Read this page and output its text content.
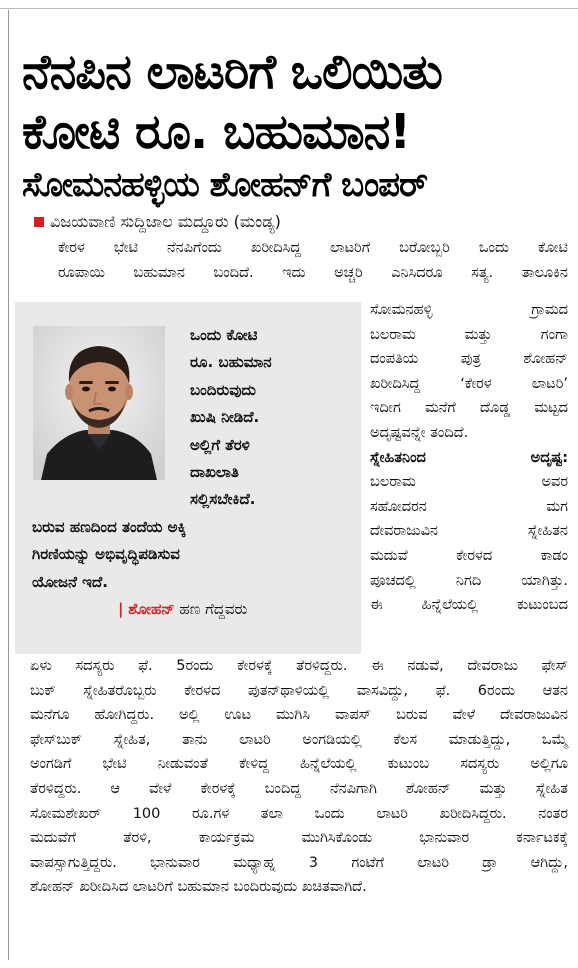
ನೆನಪಿನ ಲಾಟರಿಗೆ ಒಲಿಯಿತು
ಕೋಟಿ ರೂ. ಬಹುಮಾನ!
ಸೋಮನಹಳ್ಳಿಯ ಶೋಹನ್‌ಗೆ ಬಂಪರ್
ವಿಜಯವಾಣಿ ಸುದ್ದಿಜಾಲ ಮದ್ದೂರು (ಮಂಡ್ಯ)
ಕೇರಳ ಭೇಟಿ ನೆನಪಿಗೆಂದು ಖರೀದಿಸಿದ್ದ ಲಾಟರಿಗೆ ಬರೋಬ್ಬರಿ ಒಂದು ಕೋಟಿ
ರೂಪಾಯಿ ಬಹುಮಾನ ಬಂದಿದೆ. ಇದು ಅಚ್ಚರಿ ಎನಿಸಿದರೂ ಸತ್ಯ. ತಾಲೂಕಿನ
ಒಂದು ಕೋಟಿ
ರೂ. ಬಹುಮಾನ
ಬಂದಿರುವುದು
ಖುಷಿ ನೀಡಿದೆ.
ಅಲ್ಲಿಗೆ ತೆರಳಿ
ದಾಖಲಾತಿ
ಸಲ್ಲಿಸಬೇಕಿದೆ.
ಬರುವ ಹಣದಿಂದ ತಂದೆಯ ಅಕ್ಕಿ
ಗಿರಣಿಯನ್ನು ಅಭಿವೃದ್ಧಿಪಡಿಸುವ
ಯೋಜನೆ ಇದೆ.
| ಶೋಹನ್ ಹಣ ಗೆದ್ದವರು
ಸೋಮನಹಳ್ಳಿ ಗ್ರಾಮದ
ಬಲರಾಮ ಮತ್ತು ಗಂಗಾ
ದಂಪತಿಯ ಪುತ್ರ ಶೋಹನ್
ಖರೀದಿಸಿದ್ದ ‘ಕೇರಳ ಲಾಟರಿ’
ಇದೀಗ ಮನೆಗೆ ದೊಡ್ಡ ಮಟ್ಟದ
ಅದೃಷ್ಟವನ್ನೇ ತಂದಿದೆ.
ಸ್ನೇಹಿತನಿಂದ ಅದೃಷ್ಟ:
ಬಲರಾಮ ಅವರ
ಸಹೋದರನ ಮಗ
ದೇವರಾಜುವಿನ ಸ್ನೇಹಿತನ
ಮದುವೆ ಕೇರಳದ ಕಾಡಂ
ಪೂಚದಲ್ಲಿ ನಿಗದಿ ಯಾಗಿತ್ತು.
ಈ ಹಿನ್ನೆಲೆಯಲ್ಲಿ ಕುಟುಂಬದ
ಏಳು ಸದಸ್ಯರು ಫೆ. 5ರಂದು ಕೇರಳಕ್ಕೆ ತೆರಳಿದ್ದರು. ಈ ನಡುವೆ, ದೇವರಾಜು ಫೇಸ್
ಬುಕ್ ಸ್ನೇಹಿತರೊಬ್ಬರು ಕೇರಳದ ಪುತನ್‌ಥಾಳಿಯಲ್ಲಿ ವಾಸವಿದ್ದು, ಫೆ. 6ರಂದು ಆತನ
ಮನೆಗೂ ಹೋಗಿದ್ದರು. ಅಲ್ಲಿ ಊಟ ಮುಗಿಸಿ ವಾಪಸ್ ಬರುವ ವೇಳೆ ದೇವರಾಜುವಿನ
ಫೇಸ್‌ಬುಕ್ ಸ್ನೇಹಿತ, ತಾನು ಲಾಟರಿ ಅಂಗಡಿಯಲ್ಲಿ ಕೆಲಸ ಮಾಡುತ್ತಿದ್ದು, ಒಮ್ಮೆ
ಅಂಗಡಿಗೆ ಭೇಟಿ ನೀಡುವಂತೆ ಕೇಳಿದ್ದ ಹಿನ್ನೆಲೆಯಲ್ಲಿ ಕುಟುಂಬ ಸದಸ್ಯರು ಅಲ್ಲಿಗೂ
ತೆರಳಿದ್ದರು. ಆ ವೇಳೆ ಕೇರಳಕ್ಕೆ ಬಂದಿದ್ದ ನೆನಪಿಗಾಗಿ ಶೋಹನ್ ಮತ್ತು ಸ್ನೇಹಿತ
ಸೋಮಶೇಖರ್ 100 ರೂ.ಗಳ ತಲಾ ಒಂದು ಲಾಟರಿ ಖರೀದಿಸಿದ್ದರು. ನಂತರ
ಮದುವೆಗೆ ತೆರಳಿ, ಕಾರ್ಯಕ್ರಮ ಮುಗಿಸಿಕೊಂಡು ಭಾನುವಾರ ಕರ್ನಾಟಕಕ್ಕೆ
ವಾಪಸ್ಸಾಗುತ್ತಿದ್ದರು. ಭಾನುವಾರ ಮಧ್ಯಾಹ್ನ 3 ಗಂಟೆಗೆ ಲಾಟರಿ ಡ್ರಾ ಆಗಿದ್ದು,
ಶೋಹನ್ ಖರೀದಿಸಿದ ಲಾಟರಿಗೆ ಬಹುಮಾನ ಬಂದಿರುವುದು ಖಚಿತವಾಗಿದೆ.
